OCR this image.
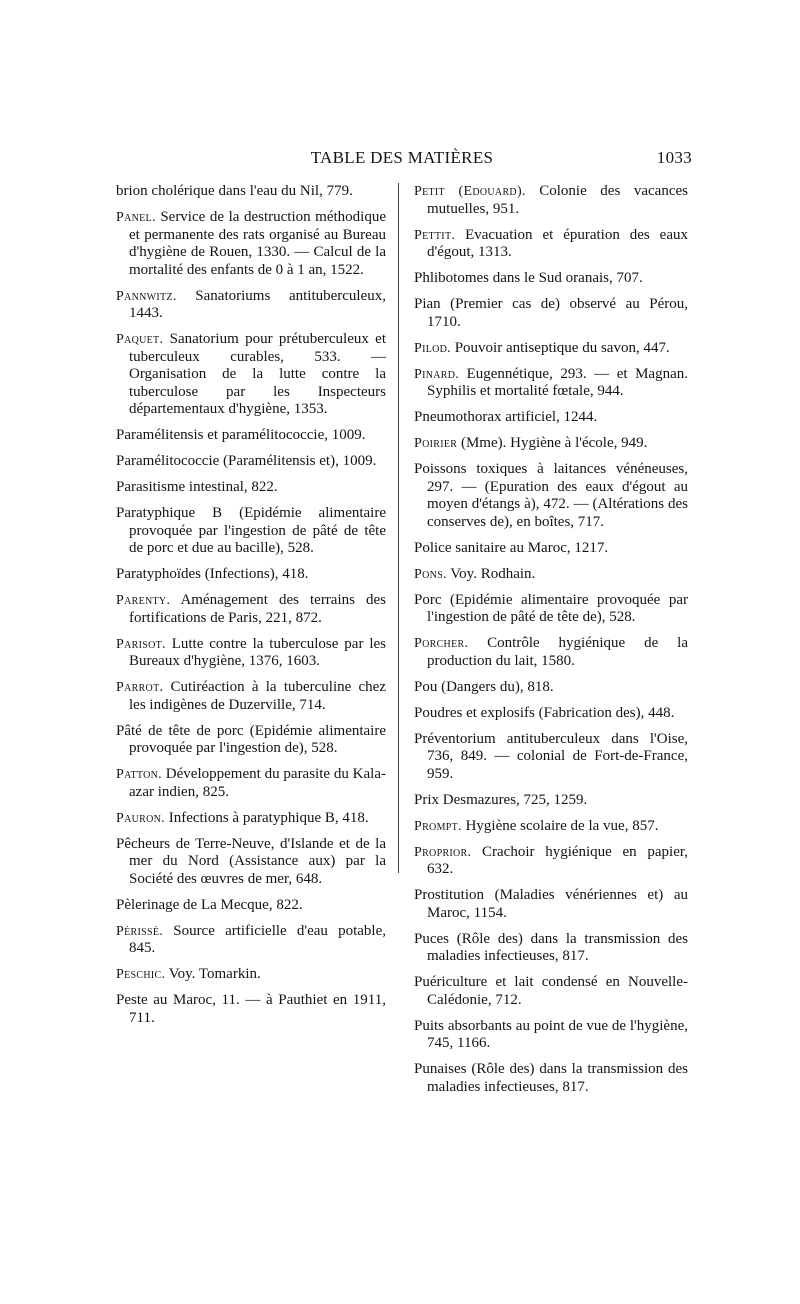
TABLE DES MATIÈRES	1033

brion cholérique dans l'eau du Nil, 779.

Panel. Service de la destruction méthodique et permanente des rats organisé au Bureau d'hygiène de Rouen, 1330. — Calcul de la mortalité des enfants de 0 à 1 an, 1522.

Pannwitz. Sanatoriums antituberculeux, 1443.

Paquet. Sanatorium pour prétuberculeux et tuberculeux curables, 533. — Organisation de la lutte contre la tuberculose par les Inspecteurs départementaux d'hygiène, 1353.

Paramélitensis et paramélitococcie, 1009.

Paramélitococcie (Paramélitensis et), 1009.

Parasitisme intestinal, 822.

Paratyphique B (Epidémie alimentaire provoquée par l'ingestion de pâté de tête de porc et due au bacille), 528.

Paratyphoïdes (Infections), 418.

Parenty. Aménagement des terrains des fortifications de Paris, 221, 872.

Parisot. Lutte contre la tuberculose par les Bureaux d'hygiène, 1376, 1603.

Parrot. Cutiréaction à la tuberculine chez les indigènes de Duzerville, 714.

Pâté de tête de porc (Epidémie alimentaire provoquée par l'ingestion de), 528.

Patton. Développement du parasite du Kala-azar indien, 825.

Pauron. Infections à paratyphique B, 418.

Pêcheurs de Terre-Neuve, d'Islande et de la mer du Nord (Assistance aux) par la Société des œuvres de mer, 648.

Pèlerinage de La Mecque, 822.

Périssé. Source artificielle d'eau potable, 845.

Peschic. Voy. Tomarkin.

Peste au Maroc, 11. — à Pauthiet en 1911, 711.

Petit (Edouard). Colonie des vacances mutuelles, 951.

Pettit. Evacuation et épuration des eaux d'égout, 1313.

Phlibotomes dans le Sud oranais, 707.

Pian (Premier cas de) observé au Pérou, 1710.

Pilod. Pouvoir antiseptique du savon, 447.

Pinard. Eugennétique, 293. — et Magnan. Syphilis et mortalité fœtale, 944.

Pneumothorax artificiel, 1244.

Poirier (Mme). Hygiène à l'école, 949.

Poissons toxiques à laitances vénéneuses, 297. — (Epuration des eaux d'égout au moyen d'étangs à), 472. — (Altérations des conserves de), en boîtes, 717.

Police sanitaire au Maroc, 1217.

Pons. Voy. Rodhain.

Porc (Epidémie alimentaire provoquée par l'ingestion de pâté de tête de), 528.

Porcher. Contrôle hygiénique de la production du lait, 1580.

Pou (Dangers du), 818.

Poudres et explosifs (Fabrication des), 448.

Préventorium antituberculeux dans l'Oise, 736, 849. — colonial de Fort-de-France, 959.

Prix Desmazures, 725, 1259.

Prompt. Hygiène scolaire de la vue, 857.

Proprior. Crachoir hygiénique en papier, 632.

Prostitution (Maladies vénériennes et) au Maroc, 1154.

Puces (Rôle des) dans la transmission des maladies infectieuses, 817.

Puériculture et lait condensé en Nouvelle-Calédonie, 712.

Puits absorbants au point de vue de l'hygiène, 745, 1166.

Punaises (Rôle des) dans la transmission des maladies infectieuses, 817.
